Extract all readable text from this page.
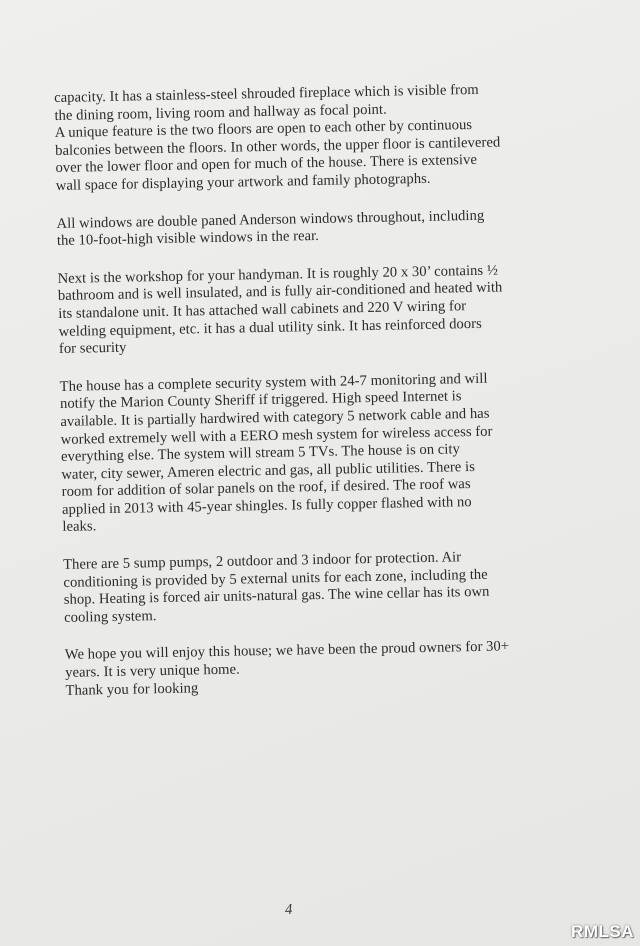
capacity. It has a stainless-steel shrouded fireplace which is visible from
the dining room, living room and hallway as focal point.
A unique feature is the two floors are open to each other by continuous
balconies between the floors. In other words, the upper floor is cantilevered
over the lower floor and open for much of the house. There is extensive
wall space for displaying your artwork and family photographs.
All windows are double paned Anderson windows throughout, including
the 10-foot-high visible windows in the rear.
Next is the workshop for your handyman. It is roughly 20 x 30’ contains ½
bathroom and is well insulated, and is fully air-conditioned and heated with
its standalone unit. It has attached wall cabinets and 220 V wiring for
welding equipment, etc. it has a dual utility sink. It has reinforced doors
for security
The house has a complete security system with 24-7 monitoring and will
notify the Marion County Sheriff if triggered. High speed Internet is
available. It is partially hardwired with category 5 network cable and has
worked extremely well with a EERO mesh system for wireless access for
everything else. The system will stream 5 TVs. The house is on city
water, city sewer, Ameren electric and gas, all public utilities. There is
room for addition of solar panels on the roof, if desired. The roof was
applied in 2013 with 45-year shingles. Is fully copper flashed with no
leaks.
There are 5 sump pumps, 2 outdoor and 3 indoor for protection. Air
conditioning is provided by 5 external units for each zone, including the
shop. Heating is forced air units-natural gas. The wine cellar has its own
cooling system.
We hope you will enjoy this house; we have been the proud owners for 30+
years. It is very unique home.
Thank you for looking
4
RMLSA
